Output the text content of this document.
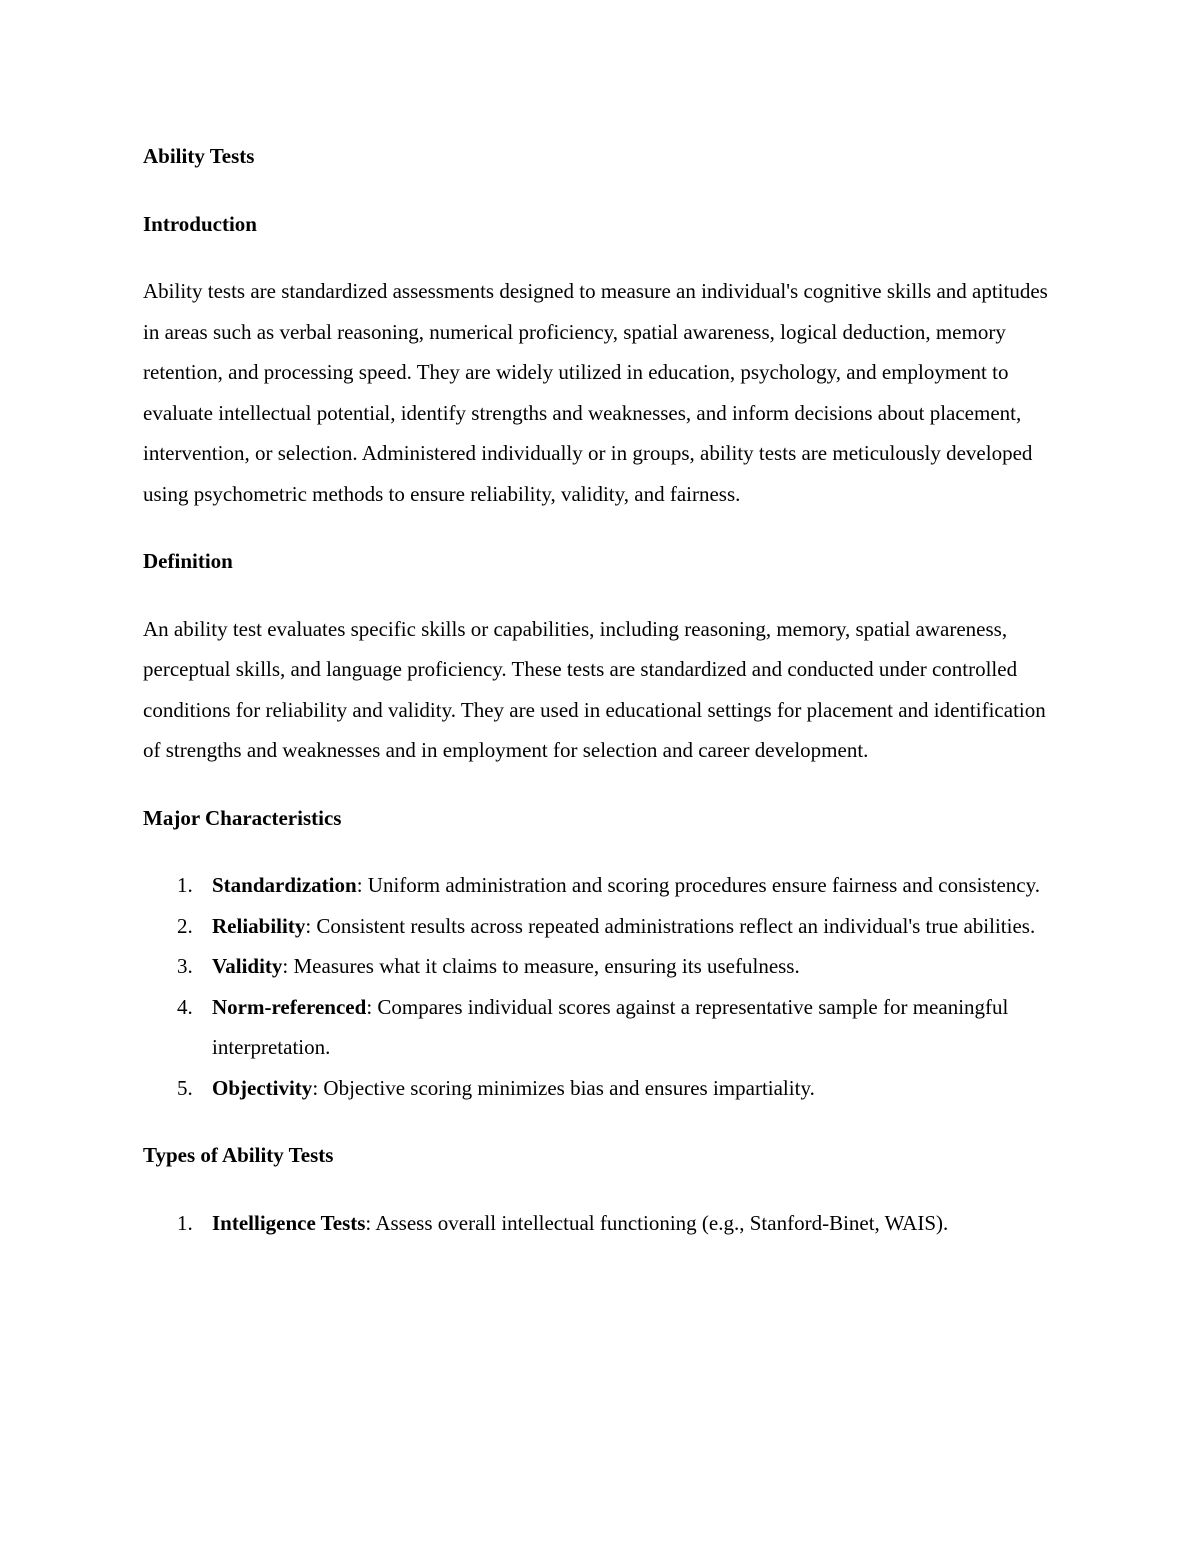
Ability Tests
Introduction
Ability tests are standardized assessments designed to measure an individual's cognitive skills and aptitudes in areas such as verbal reasoning, numerical proficiency, spatial awareness, logical deduction, memory retention, and processing speed. They are widely utilized in education, psychology, and employment to evaluate intellectual potential, identify strengths and weaknesses, and inform decisions about placement, intervention, or selection. Administered individually or in groups, ability tests are meticulously developed using psychometric methods to ensure reliability, validity, and fairness.
Definition
An ability test evaluates specific skills or capabilities, including reasoning, memory, spatial awareness, perceptual skills, and language proficiency. These tests are standardized and conducted under controlled conditions for reliability and validity. They are used in educational settings for placement and identification of strengths and weaknesses and in employment for selection and career development.
Major Characteristics
1. Standardization: Uniform administration and scoring procedures ensure fairness and consistency.
2. Reliability: Consistent results across repeated administrations reflect an individual's true abilities.
3. Validity: Measures what it claims to measure, ensuring its usefulness.
4. Norm-referenced: Compares individual scores against a representative sample for meaningful interpretation.
5. Objectivity: Objective scoring minimizes bias and ensures impartiality.
Types of Ability Tests
1. Intelligence Tests: Assess overall intellectual functioning (e.g., Stanford-Binet, WAIS).
